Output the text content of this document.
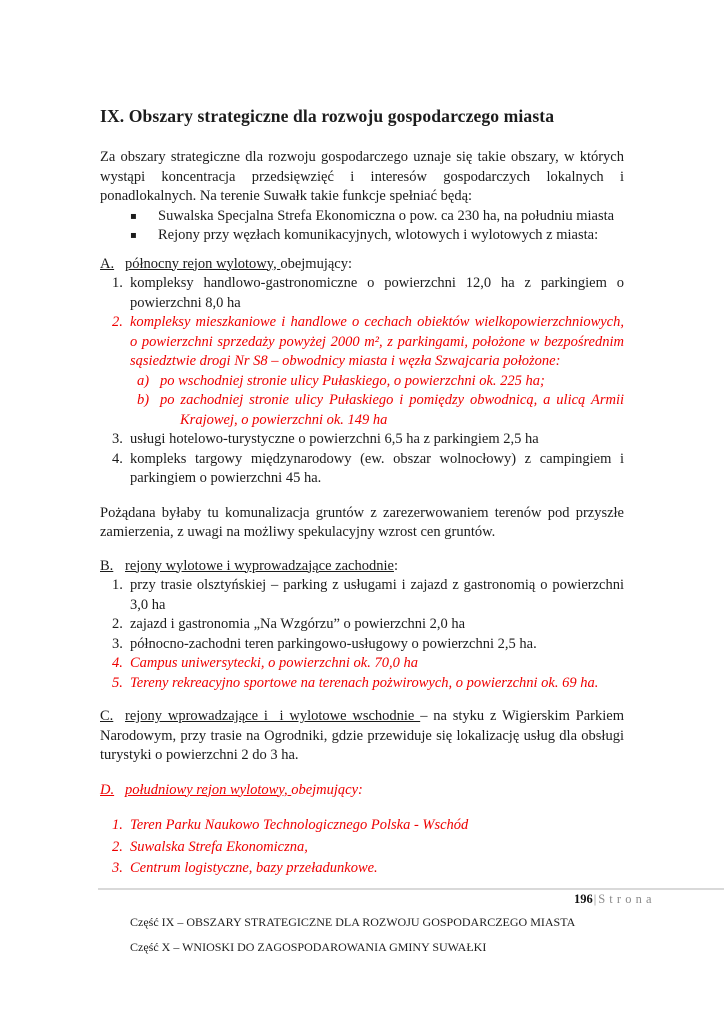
IX. Obszary strategiczne dla rozwoju gospodarczego miasta

Za obszary strategiczne dla rozwoju gospodarczego uznaje się takie obszary, w których wystąpi koncentracja przedsięwzięć i interesów gospodarczych lokalnych i ponadlokalnych. Na terenie Suwałk takie funkcje spełniać będą:

▪ Suwalska Specjalna Strefa Ekonomiczna o pow. ca 230 ha, na południu miasta
▪ Rejony przy węzłach komunikacyjnych, wlotowych i wylotowych z miasta:

A. północny rejon wylotowy, obejmujący:

1. kompleksy handlowo-gastronomiczne o powierzchni 12,0 ha z parkingiem o powierzchni 8,0 ha
2. kompleksy mieszkaniowe i handlowe o cechach obiektów wielkopowierzchniowych, o powierzchni sprzedaży powyżej 2000 m², z parkingami, położone w bezpośrednim sąsiedztwie drogi Nr S8 – obwodnicy miasta i węzła Szwajcaria położone:
a) po wschodniej stronie ulicy Pułaskiego, o powierzchni ok. 225 ha;
b) po zachodniej stronie ulicy Pułaskiego i pomiędzy obwodnicą, a ulicą Armii Krajowej, o powierzchni ok. 149 ha
3. usługi hotelowo-turystyczne o powierzchni 6,5 ha z parkingiem 2,5 ha
4. kompleks targowy międzynarodowy (ew. obszar wolnocłowy) z campingiem i parkingiem o powierzchni 45 ha.

Pożądana byłaby tu komunalizacja gruntów z zarezerwowaniem terenów pod przyszłe zamierzenia, z uwagi na możliwy spekulacyjny wzrost cen gruntów.

B. rejony wylotowe i wyprowadzające zachodnie:

1. przy trasie olsztyńskiej – parking z usługami i zajazd z gastronomią o powierzchni 3,0 ha
2. zajazd i gastronomia „Na Wzgórzu” o powierzchni 2,0 ha
3. północno-zachodni teren parkingowo-usługowy o powierzchni 2,5 ha.
4. Campus uniwersytecki, o powierzchni ok. 70,0 ha
5. Tereny rekreacyjno sportowe na terenach pożwirowych, o powierzchni ok. 69 ha.

C. rejony wprowadzające i  i wylotowe wschodnie – na styku z Wigierskim Parkiem Narodowym, przy trasie na Ogrodniki, gdzie przewiduje się lokalizację usług dla obsługi turystyki o powierzchni 2 do 3 ha.

D. południowy rejon wylotowy, obejmujący:

1. Teren Parku Naukowo Technologicznego Polska - Wschód
2. Suwalska Strefa Ekonomiczna,
3. Centrum logistyczne, bazy przeładunkowe.
196| S t r o n a
Część IX – OBSZARY STRATEGICZNE DLA ROZWOJU GOSPODARCZEGO MIASTA
Część X – WNIOSKI DO ZAGOSPODAROWANIA GMINY SUWAŁKI
